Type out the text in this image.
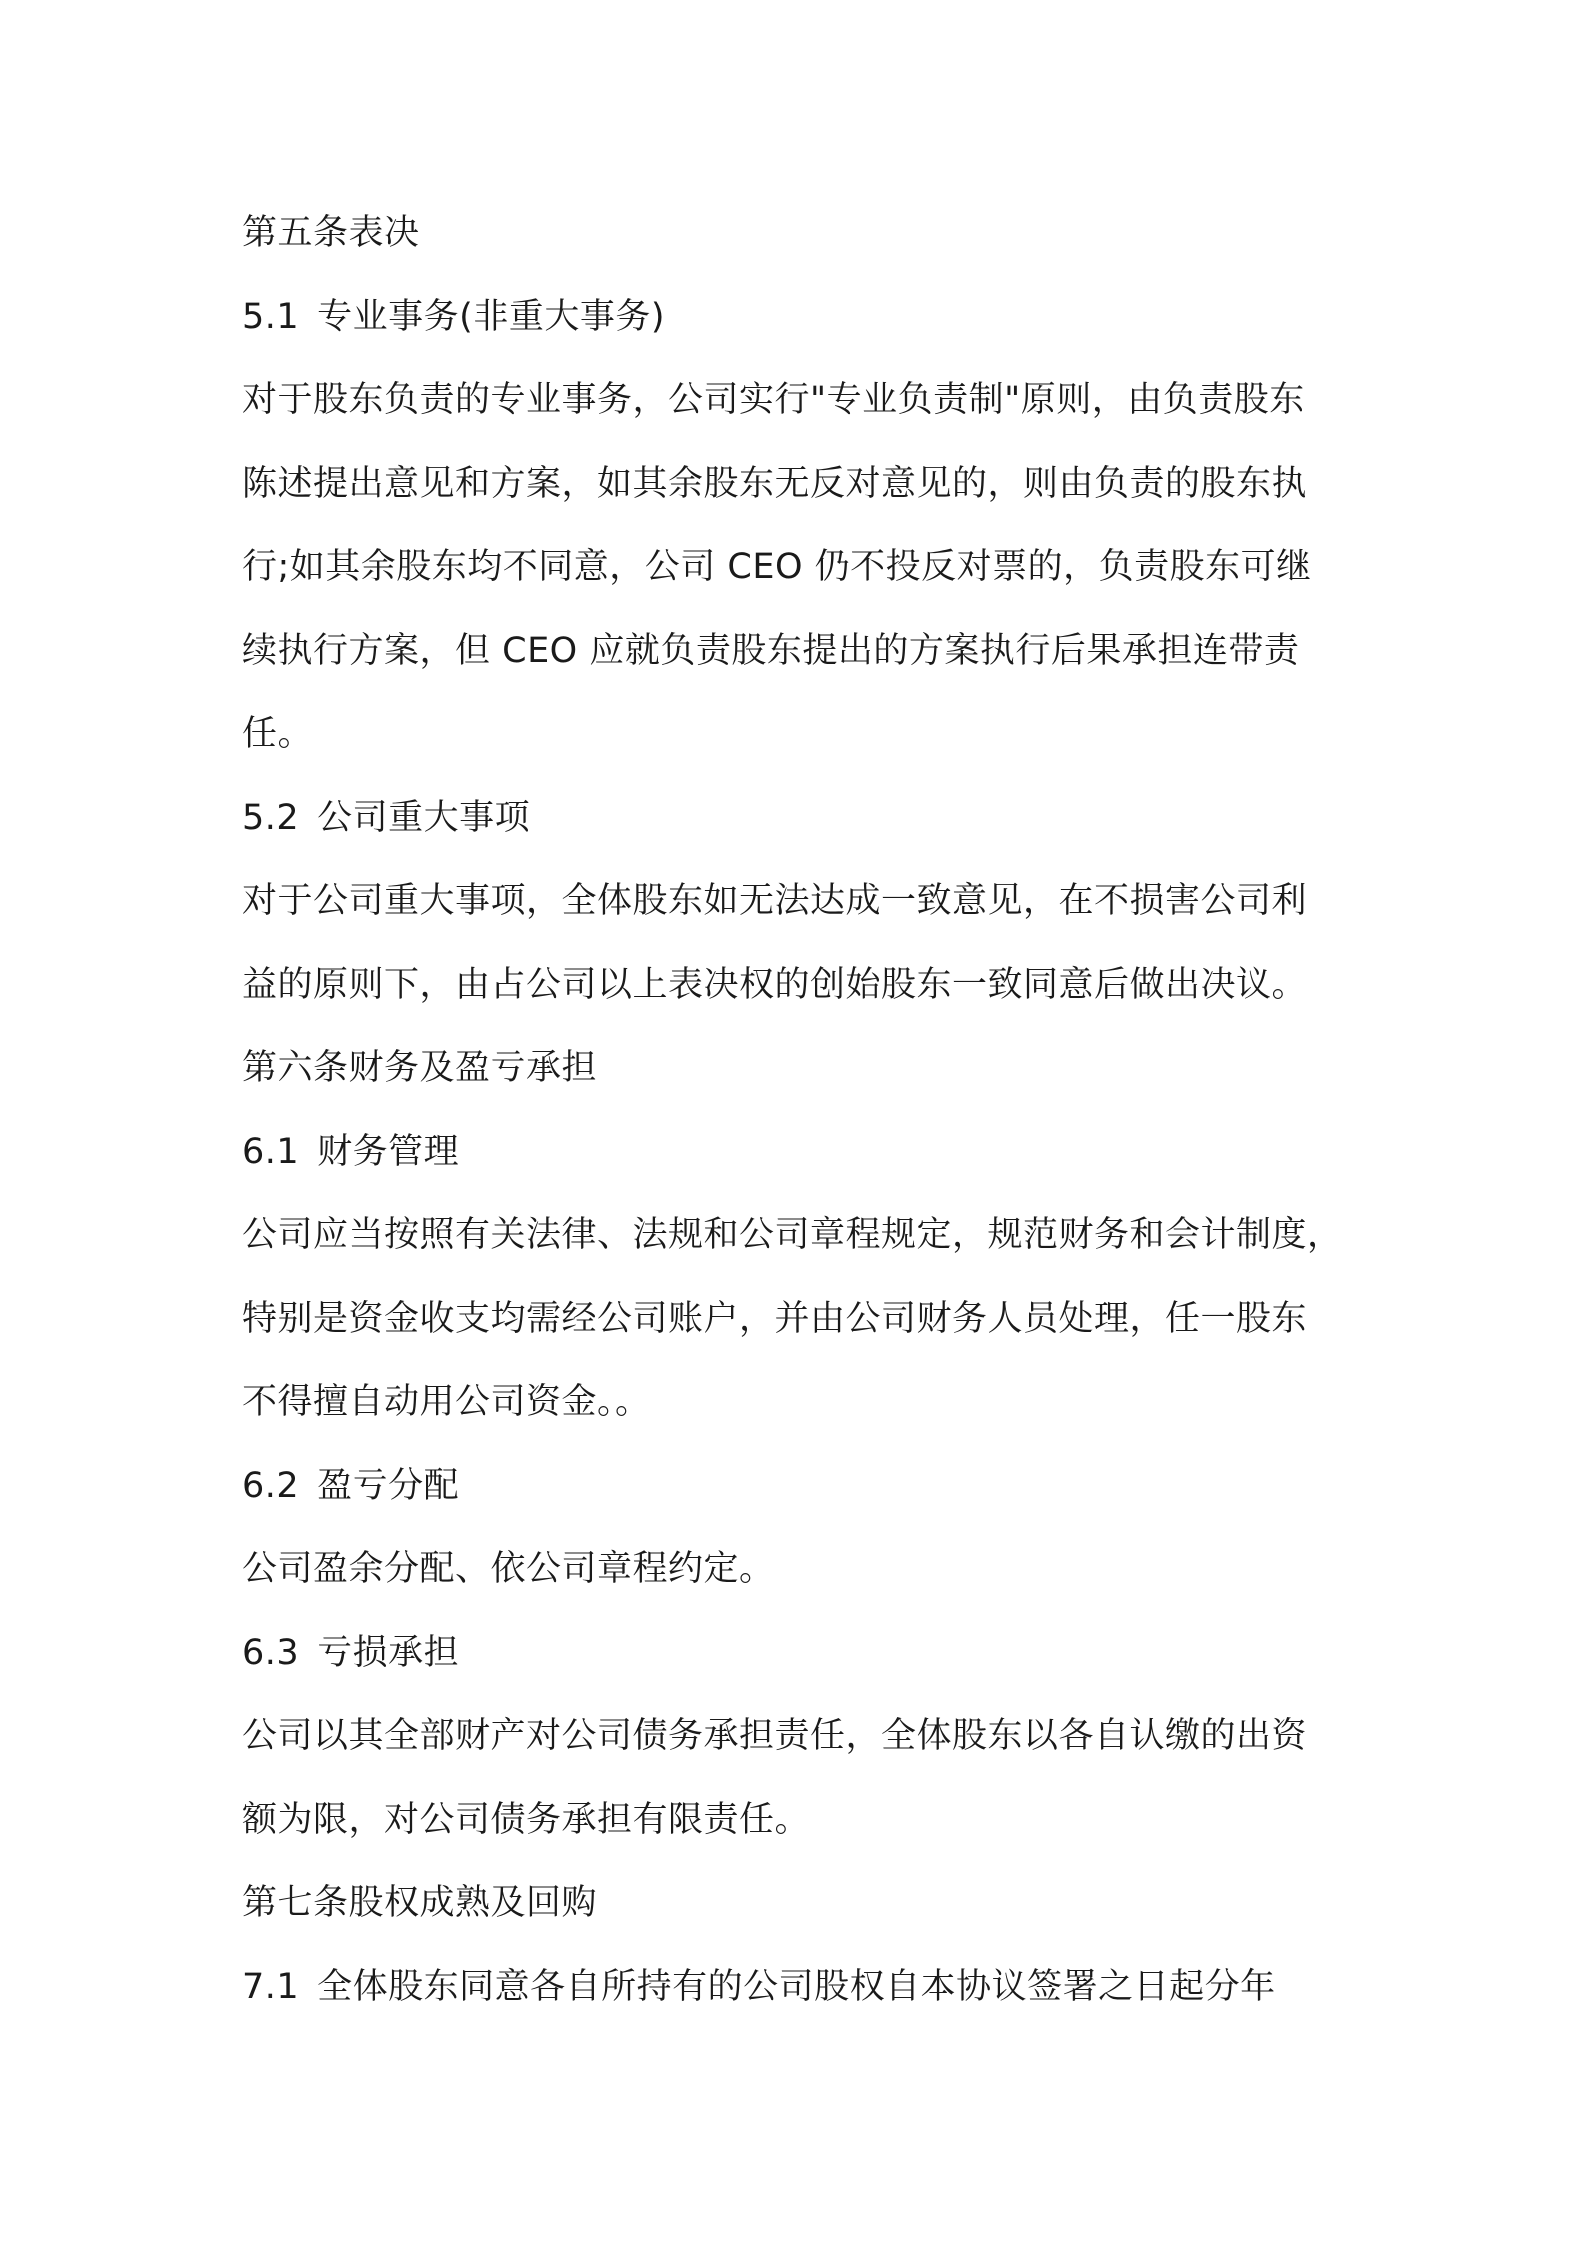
第五条表决
5.1 专业事务(非重大事务)
对于股东负责的专业事务，公司实行"专业负责制"原则，由负责股东
陈述提出意见和方案，如其余股东无反对意见的，则由负责的股东执
行;如其余股东均不同意，公司 CEO 仍不投反对票的，负责股东可继
续执行方案，但 CEO 应就负责股东提出的方案执行后果承担连带责
任。
5.2 公司重大事项
对于公司重大事项，全体股东如无法达成一致意见，在不损害公司利
益的原则下，由占公司以上表决权的创始股东一致同意后做出决议。
第六条财务及盈亏承担
6.1 财务管理
公司应当按照有关法律、法规和公司章程规定，规范财务和会计制度，
特别是资金收支均需经公司账户，并由公司财务人员处理，任一股东
不得擅自动用公司资金。。
6.2 盈亏分配
公司盈余分配、依公司章程约定。
6.3 亏损承担
公司以其全部财产对公司债务承担责任，全体股东以各自认缴的出资
额为限，对公司债务承担有限责任。
第七条股权成熟及回购
7.1 全体股东同意各自所持有的公司股权自本协议签署之日起分年
